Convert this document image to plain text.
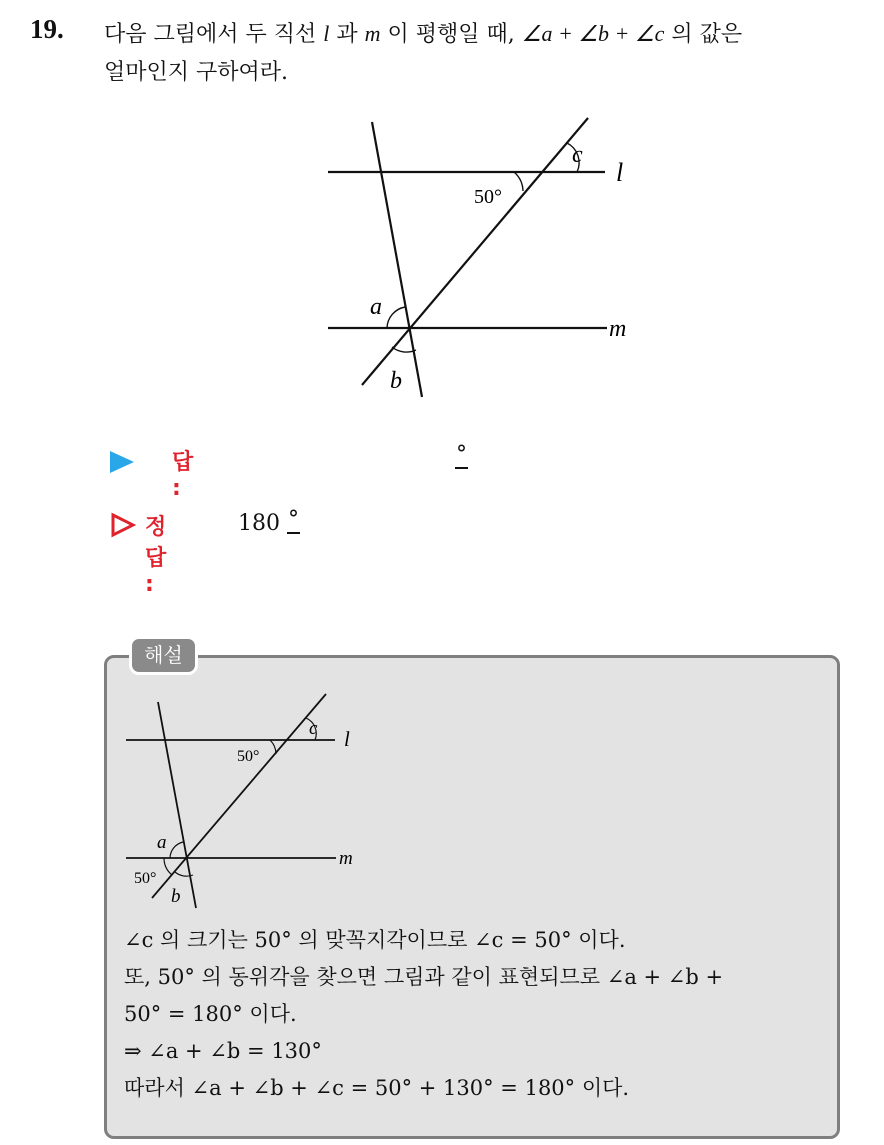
19. 다음 그림에서 두 직선 l 과 m 이 평행일 때, ∠a + ∠b + ∠c 의 값은
얼마인지 구하여라.
c
l
50°
a
m
b
답 :
°
정답 :
180 °
해설
c l
50°
a
m
50°
b
∠c 의 크기는 50° 의 맞꼭지각이므로 ∠c = 50° 이다.
또, 50° 의 동위각을 찾으면 그림과 같이 표현되므로 ∠a + ∠b +
50° = 180° 이다.
⇒ ∠a + ∠b = 130°
따라서 ∠a + ∠b + ∠c = 50° + 130° = 180° 이다.
